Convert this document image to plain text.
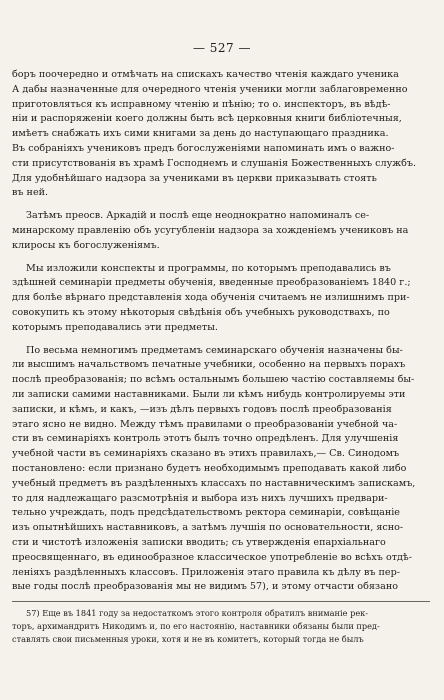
— 527 —
боръ поочередно и отмѣчать на спискахъ качество чтенія каждаго ученика
А дабы назначенные для очередного чтенія ученики могли заблаговременно
приготовляться къ исправному чтенію и пѣнію; то о. инспекторъ, въ вѣдѣ-
ніи и распоряженіи коего должны быть всѣ церковныя книги библіотечныя,
имѣетъ снабжать ихъ сими книгами за день до наступающаго праздника.
Въ собраніяхъ учениковъ предъ богослуженіями напоминать имъ о важно-
сти присутствованія въ храмѣ Господнемъ и слушанія Божественныхъ службъ.
Для удобнѣйшаго надзора за учениками въ церкви приказывать стоять
въ ней.
Затѣмъ преосв. Аркадій и послѣ еще неоднократно напоминалъ се-
минарскому правленію объ усугубленіи надзора за хожденіемъ учениковъ на
клиросы къ богослуженіямъ.
Мы изложили конспекты и программы, по которымъ преподавались въ
здѣшней семинаріи предметы обученія, введенные преобразованіемъ 1840 г.;
для болѣе вѣрнаго представленія хода обученія считаемъ не излишнимъ при-
совокупить къ этому нѣкоторыя свѣдѣнія объ учебныхъ руководствахъ, по
которымъ преподавались эти предметы.
По весьма немногимъ предметамъ семинарскаго обученія назначены бы-
ли высшимъ начальствомъ печатные учебники, особенно на первыхъ порахъ
послѣ преобразованія; по всѣмъ остальнымъ большею частію составляемы бы-
ли записки самими наставниками. Были ли кѣмъ нибудь контролируемы эти
записки, и кѣмъ, и какъ, —изъ дѣлъ первыхъ годовъ послѣ преобразованія
этаго ясно не видно. Между тѣмъ правилами о преобразованіи учебной ча-
сти въ семинаріяхъ контроль этотъ былъ точно опредѣленъ. Для улучшенія
учебной части въ семинаріяхъ сказано въ этихъ правилахъ,— Св. Синодомъ
постановлено: если признано будетъ необходимымъ преподавать какой либо
учебный предметъ въ раздѣленныхъ классахъ по наставническимъ запискамъ,
то для надлежащаго разсмотрѣнія и выбора изъ нихъ лучшихъ предвари-
тельно учреждать, подъ предсѣдательствомъ ректора семинаріи, совѣщаніе
изъ опытнѣйшихъ наставниковъ, а затѣмъ лучшія по основательности, ясно-
сти и чистотѣ изложенія записки вводить; съ утвержденія епархіальнаго
преосвященнаго, въ единообразное классическое употребленіе во всѣхъ отдѣ-
леніяхъ раздѣленныхъ классовъ. Приложенія этаго правила къ дѣлу въ пер-
вые годы послѣ преобразованія мы не видимъ 57), и этому отчасти обязано
57) Еще въ 1841 году за недостаткомъ этого контроля обратилъ вниманіе рек-
торъ, архимандритъ Никодимъ и, по его настоянію, наставники обязаны были пред-
ставлять свои письменныя уроки, хотя и не въ комитетъ, который тогда не былъ
